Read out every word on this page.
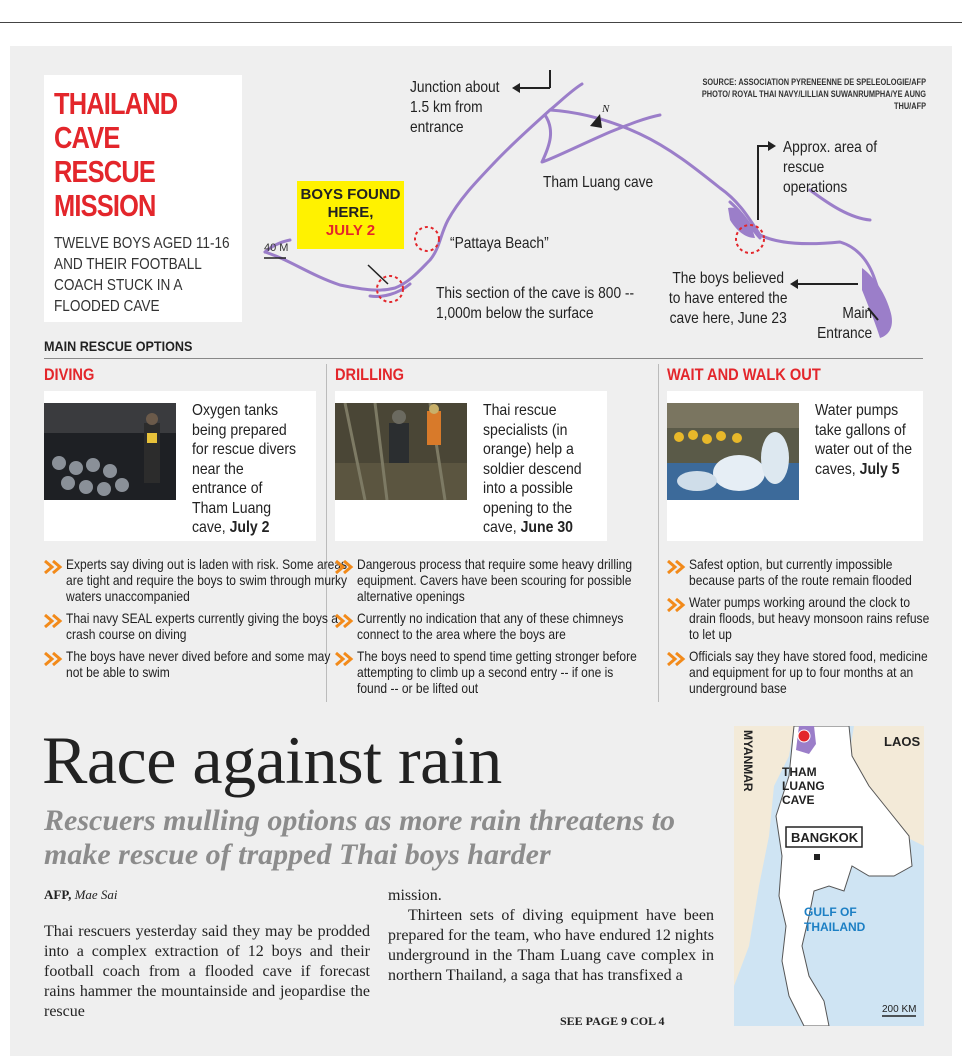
THAILAND
CAVE
RESCUE
MISSION
TWELVE BOYS AGED 11-16 AND THEIR FOOTBALL COACH STUCK IN A FLOODED CAVE
SOURCE: ASSOCIATION PYRENEENNE DE SPELEOLOGIE/AFP PHOTO/ ROYAL THAI NAVY/LILLIAN SUWANRUMPHA/YE AUNG THU/AFP
N
Junction about 1.5 km from entrance
Tham Luang cave
Approx. area of rescue operations
“Pattaya Beach”
This section of the cave is 800 -- 1,000m below the surface
The boys believed to have entered the cave here, June 23	Main Entrance
40 M
BOYS FOUND HERE,
JULY 2
MAIN RESCUE OPTIONS
DIVING
Oxygen tanks being prepared for rescue divers near the entrance of Tham Luang cave, July 2
Experts say diving out is laden with risk. Some areas are tight and require the boys to swim through murky waters unaccompanied
Thai navy SEAL experts currently giving the boys a crash course on diving
The boys have never dived before and some may not be able to swim
DRILLING
Thai rescue specialists (in orange) help a soldier descend into a possible opening to the cave, June 30
Dangerous process that require some heavy drilling equipment. Cavers have been scouring for possible alternative openings
Currently no indication that any of these chimneys connect to the area where the boys are
The boys need to spend time getting stronger before attempting to climb up a second entry -- if one is found -- or be lifted out
WAIT AND WALK OUT
Water pumps take gallons of water out of the caves, July 5
Safest option, but currently impossible because parts of the route remain flooded
Water pumps working around the clock to drain floods, but heavy monsoon rains refuse to let up
Officials say they have stored food, medicine and equipment for up to four months at an underground base
Race against rain
Rescuers mulling options as more rain threatens to make rescue of trapped Thai boys harder
AFP, Mae Sai
Thai rescuers yesterday said they may be prodded into a complex extraction of 12 boys and their football coach from a flooded cave if forecast rains hammer the mountainside and jeopardise the rescue
mission.
Thirteen sets of diving equipment have been prepared for the team, who have endured 12 nights underground in the Tham Luang cave complex in northern Thailand, a saga that has transfixed a
SEE PAGE 9 COL 4
MYANMAR	LAOS
THAM
LUANG
CAVE
BANGKOK
GULF OF
THAILAND
200 KM
